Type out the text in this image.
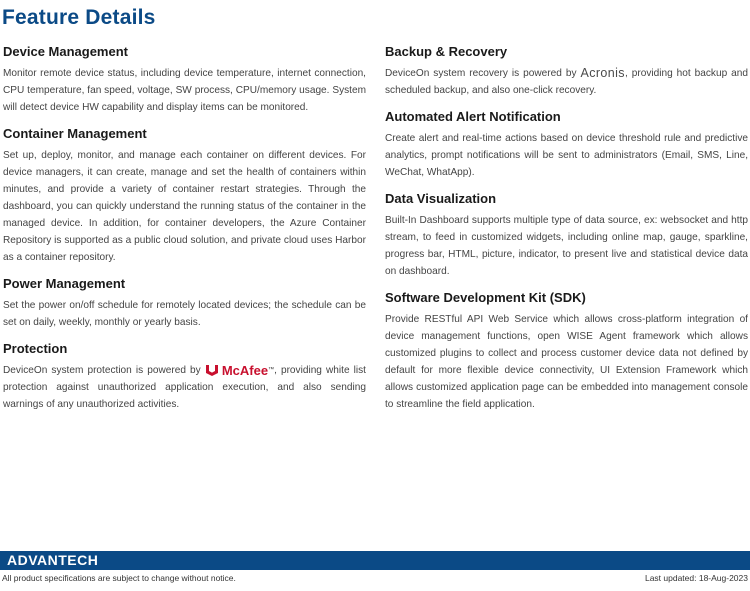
Feature Details
Device Management

Monitor remote device status, including device temperature, internet connection, CPU temperature, fan speed, voltage, SW process, CPU/memory usage. System will detect device HW capability and display items can be monitored.

Container Management

Set up, deploy, monitor, and manage each container on different devices. For device managers, it can create, manage and set the health of containers within minutes, and provide a variety of container restart strategies. Through the dashboard, you can quickly understand the running status of the container in the managed device. In addition, for container developers, the Azure Container Repository is supported as a public cloud solution, and private cloud uses Harbor as a container repository.

Power Management

Set the power on/off schedule for remotely located devices; the schedule can be set on daily, weekly, monthly or yearly basis.

Protection

DeviceOn system protection is powered by McAfee ™ , providing white list protection against unauthorized application execution, and also sending warnings of any unauthorized activities.

Backup & Recovery

DeviceOn system recovery is powered by Acronis, providing hot backup and scheduled backup, and also one-click recovery.

Automated Alert Notification

Create alert and real-time actions based on device threshold rule and predictive analytics, prompt notifications will be sent to administrators (Email, SMS, Line, WeChat, WhatApp).

Data Visualization

Built-In Dashboard supports multiple type of data source, ex: websocket and http stream, to feed in customized widgets, including online map, gauge, sparkline, progress bar, HTML, picture, indicator, to present live and statistical device data on dashboard.

Software Development Kit (SDK)

Provide RESTful API Web Service which allows cross-platform integration of device management functions, open WISE Agent framework which allows customized plugins to collect and process customer device data not defined by default for more flexible device connectivity, UI Extension Framework which allows customized application page can be embedded into management console to streamline the field application.

ADVANTECH
All product specifications are subject to change without notice.	Last updated: 18-Aug-2023
